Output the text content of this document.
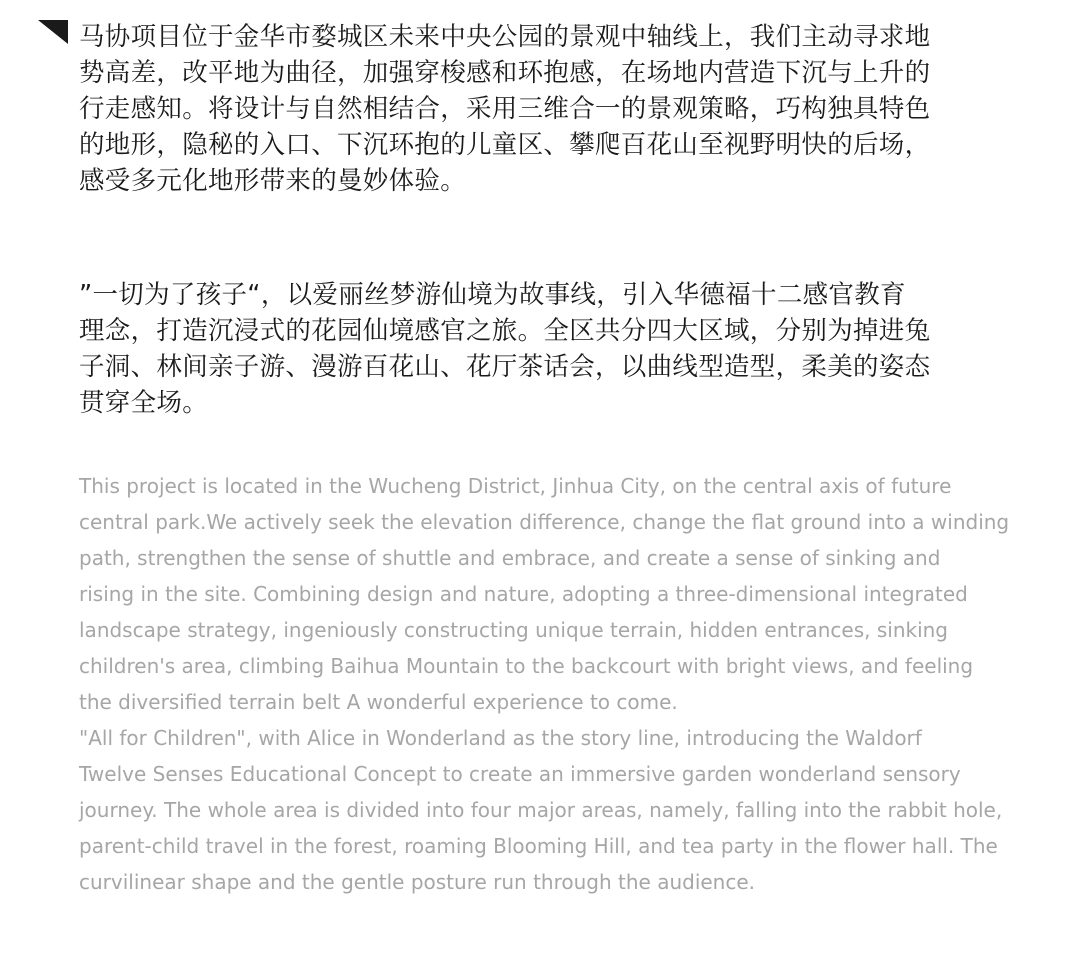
马协项目位于金华市婺城区未来中央公园的景观中轴线上，我们主动寻求地
势高差，改平地为曲径，加强穿梭感和环抱感，在场地内营造下沉与上升的
行走感知。将设计与自然相结合，采用三维合一的景观策略，巧构独具特色
的地形，隐秘的入口、下沉环抱的儿童区、攀爬百花山至视野明快的后场，
感受多元化地形带来的曼妙体验。
”一切为了孩子“，以爱丽丝梦游仙境为故事线，引入华德福十二感官教育
理念，打造沉浸式的花园仙境感官之旅。全区共分四大区域，分别为掉进兔
子洞、林间亲子游、漫游百花山、花厅茶话会，以曲线型造型，柔美的姿态
贯穿全场。
This project is located in the Wucheng District, Jinhua City, on the central axis of future
central park.We actively seek the elevation difference, change the flat ground into a winding
path, strengthen the sense of shuttle and embrace, and create a sense of sinking and
rising in the site. Combining design and nature, adopting a three-dimensional integrated
landscape strategy, ingeniously constructing unique terrain, hidden entrances, sinking
children's area, climbing Baihua Mountain to the backcourt with bright views, and feeling
the diversified terrain belt A wonderful experience to come.
"All for Children", with Alice in Wonderland as the story line, introducing the Waldorf
Twelve Senses Educational Concept to create an immersive garden wonderland sensory
journey. The whole area is divided into four major areas, namely, falling into the rabbit hole,
parent-child travel in the forest, roaming Blooming Hill, and tea party in the flower hall. The
curvilinear shape and the gentle posture run through the audience.
